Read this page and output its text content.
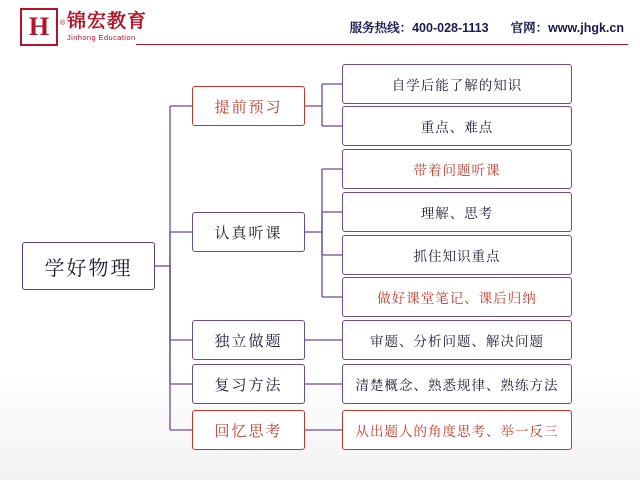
H ® 锦宏教育
Jinhong Education
服务热线：400-028-1113 官网：www.jhgk.cn
学好物理
提前预习
认真听课
独立做题
复习方法
回忆思考
自学后能了解的知识
重点、难点
带着问题听课
理解、思考
抓住知识重点
做好课堂笔记、课后归纳
审题、分析问题、解决问题
清楚概念、熟悉规律、熟练方法
从出题人的角度思考、举一反三
